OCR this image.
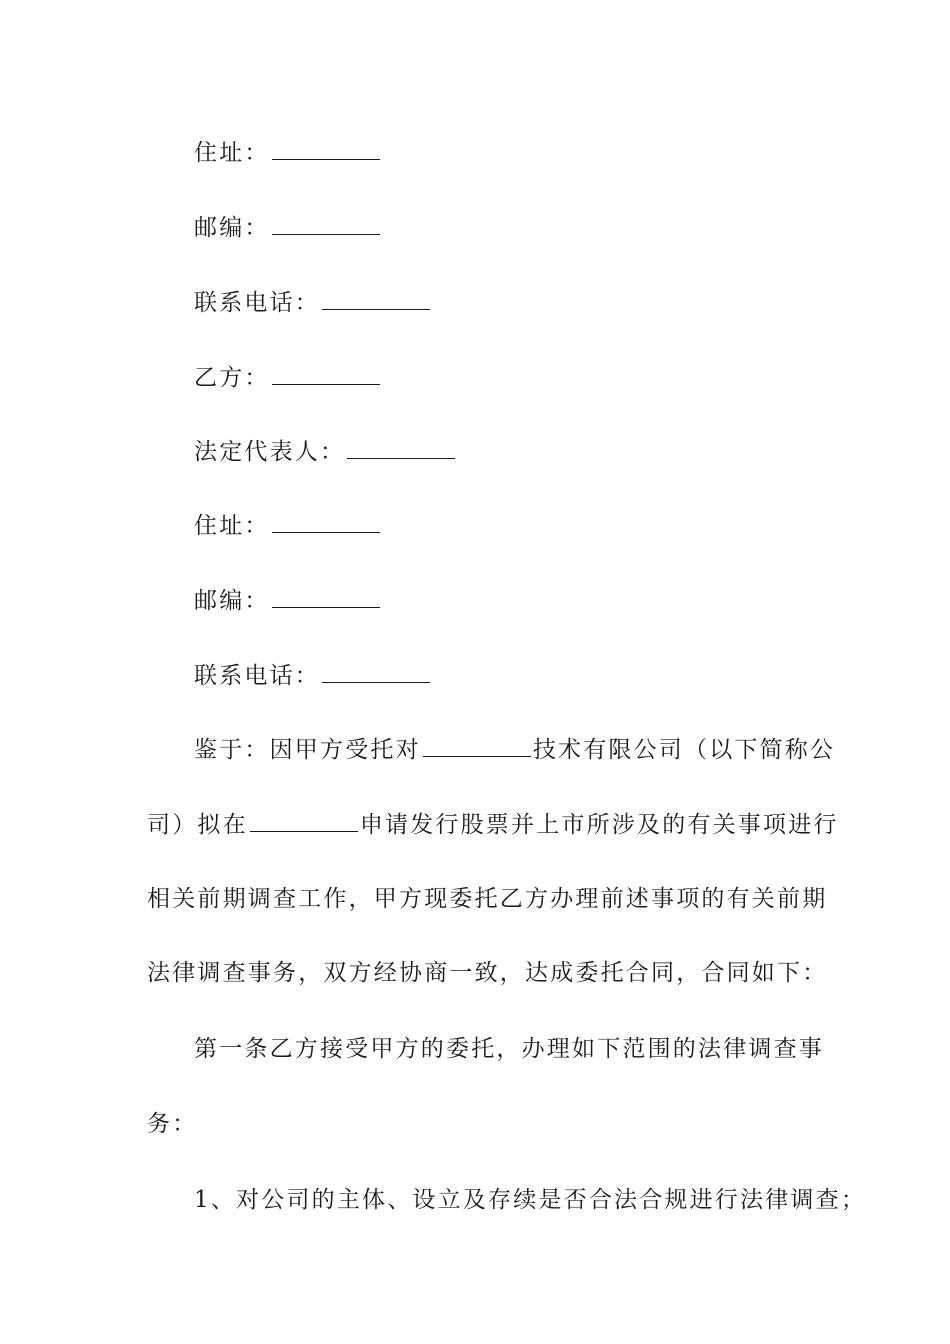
住址：
邮编：
联系电话：
乙方：
法定代表人：
住址：
邮编：
联系电话：
鉴于：因甲方受托对	技术有限公司（以下简称公
司）拟在	申请发行股票并上市所涉及的有关事项进行
相关前期调查工作，甲方现委托乙方办理前述事项的有关前期
法律调查事务，双方经协商一致，达成委托合同，合同如下：
第一条乙方接受甲方的委托，办理如下范围的法律调查事
务：
1、对公司的主体、设立及存续是否合法合规进行法律调查；
